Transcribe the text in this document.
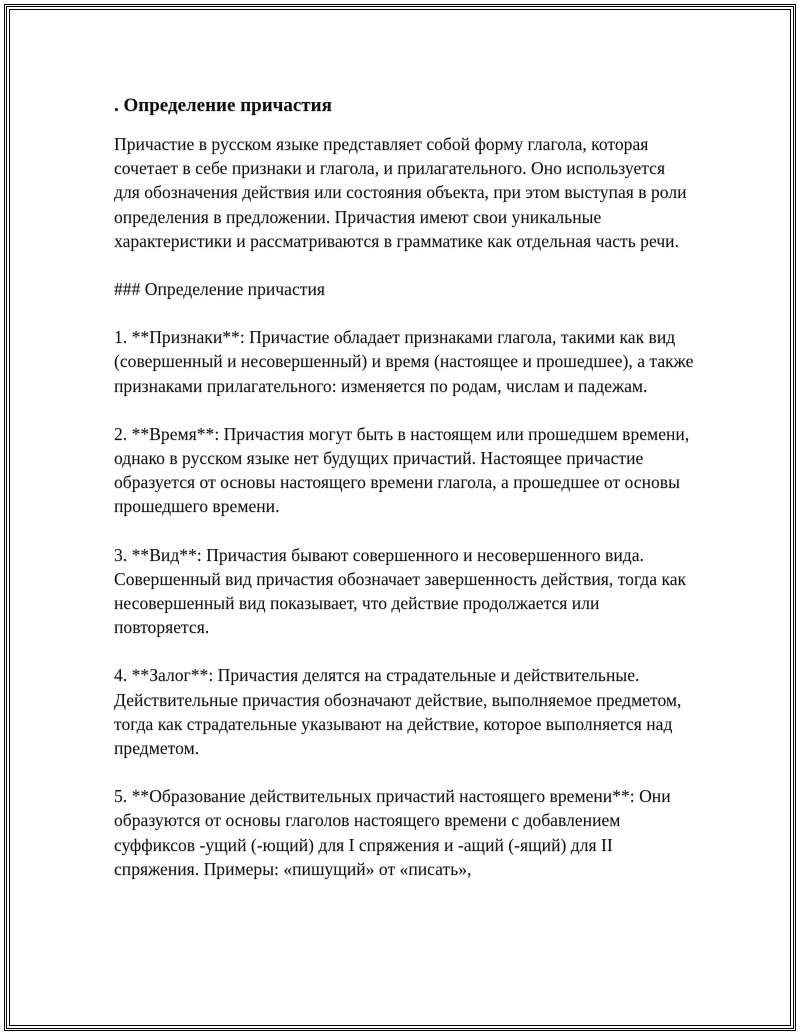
. Определение причастия

Причастие в русском языке представляет собой форму глагола, которая сочетает в себе признаки и глагола, и прилагательного. Оно используется для обозначения действия или состояния объекта, при этом выступая в роли определения в предложении. Причастия имеют свои уникальные характеристики и рассматриваются в грамматике как отдельная часть речи.

### Определение причастия

1. **Признаки**: Причастие обладает признаками глагола, такими как вид (совершенный и несовершенный) и время (настоящее и прошедшее), а также признаками прилагательного: изменяется по родам, числам и падежам.

2. **Время**: Причастия могут быть в настоящем или прошедшем времени, однако в русском языке нет будущих причастий. Настоящее причастие образуется от основы настоящего времени глагола, а прошедшее от основы прошедшего времени.

3. **Вид**: Причастия бывают совершенного и несовершенного вида. Совершенный вид причастия обозначает завершенность действия, тогда как несовершенный вид показывает, что действие продолжается или повторяется.

4. **Залог**: Причастия делятся на страдательные и действительные. Действительные причастия обозначают действие, выполняемое предметом, тогда как страдательные указывают на действие, которое выполняется над предметом.

5. **Образование действительных причастий настоящего времени**: Они образуются от основы глаголов настоящего времени с добавлением суффиксов -ущий (-ющий) для I спряжения и -ащий (-ящий) для II спряжения. Примеры: «пишущий» от «писать»,
